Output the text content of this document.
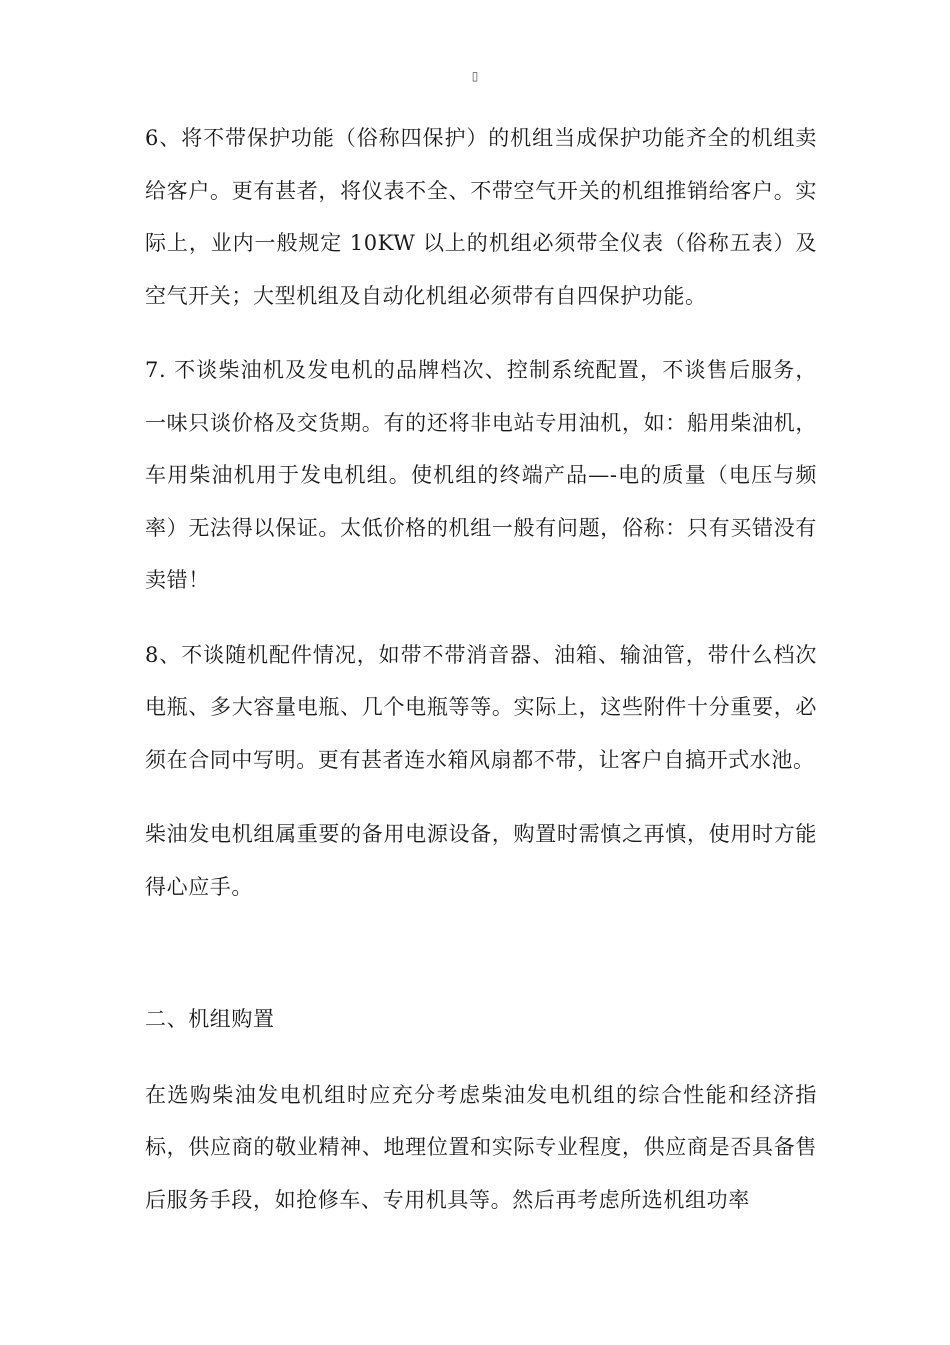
▯

6、将不带保护功能（俗称四保护）的机组当成保护功能齐全的机组卖给客户。更有甚者，将仪表不全、不带空气开关的机组推销给客户。实际上，业内一般规定 10KW 以上的机组必须带全仪表（俗称五表）及空气开关；大型机组及自动化机组必须带有自四保护功能。

7. 不谈柴油机及发电机的品牌档次、控制系统配置，不谈售后服务，一味只谈价格及交货期。有的还将非电站专用油机，如：船用柴油机，车用柴油机用于发电机组。使机组的终端产品—-电的质量（电压与频率）无法得以保证。太低价格的机组一般有问题，俗称：只有买错没有卖错！

8、不谈随机配件情况，如带不带消音器、油箱、输油管，带什么档次电瓶、多大容量电瓶、几个电瓶等等。实际上，这些附件十分重要，必须在合同中写明。更有甚者连水箱风扇都不带，让客户自搞开式水池。

柴油发电机组属重要的备用电源设备，购置时需慎之再慎，使用时方能得心应手。

二、机组购置

在选购柴油发电机组时应充分考虑柴油发电机组的综合性能和经济指标，供应商的敬业精神、地理位置和实际专业程度，供应商是否具备售后服务手段，如抢修车、专用机具等。然后再考虑所选机组功率
